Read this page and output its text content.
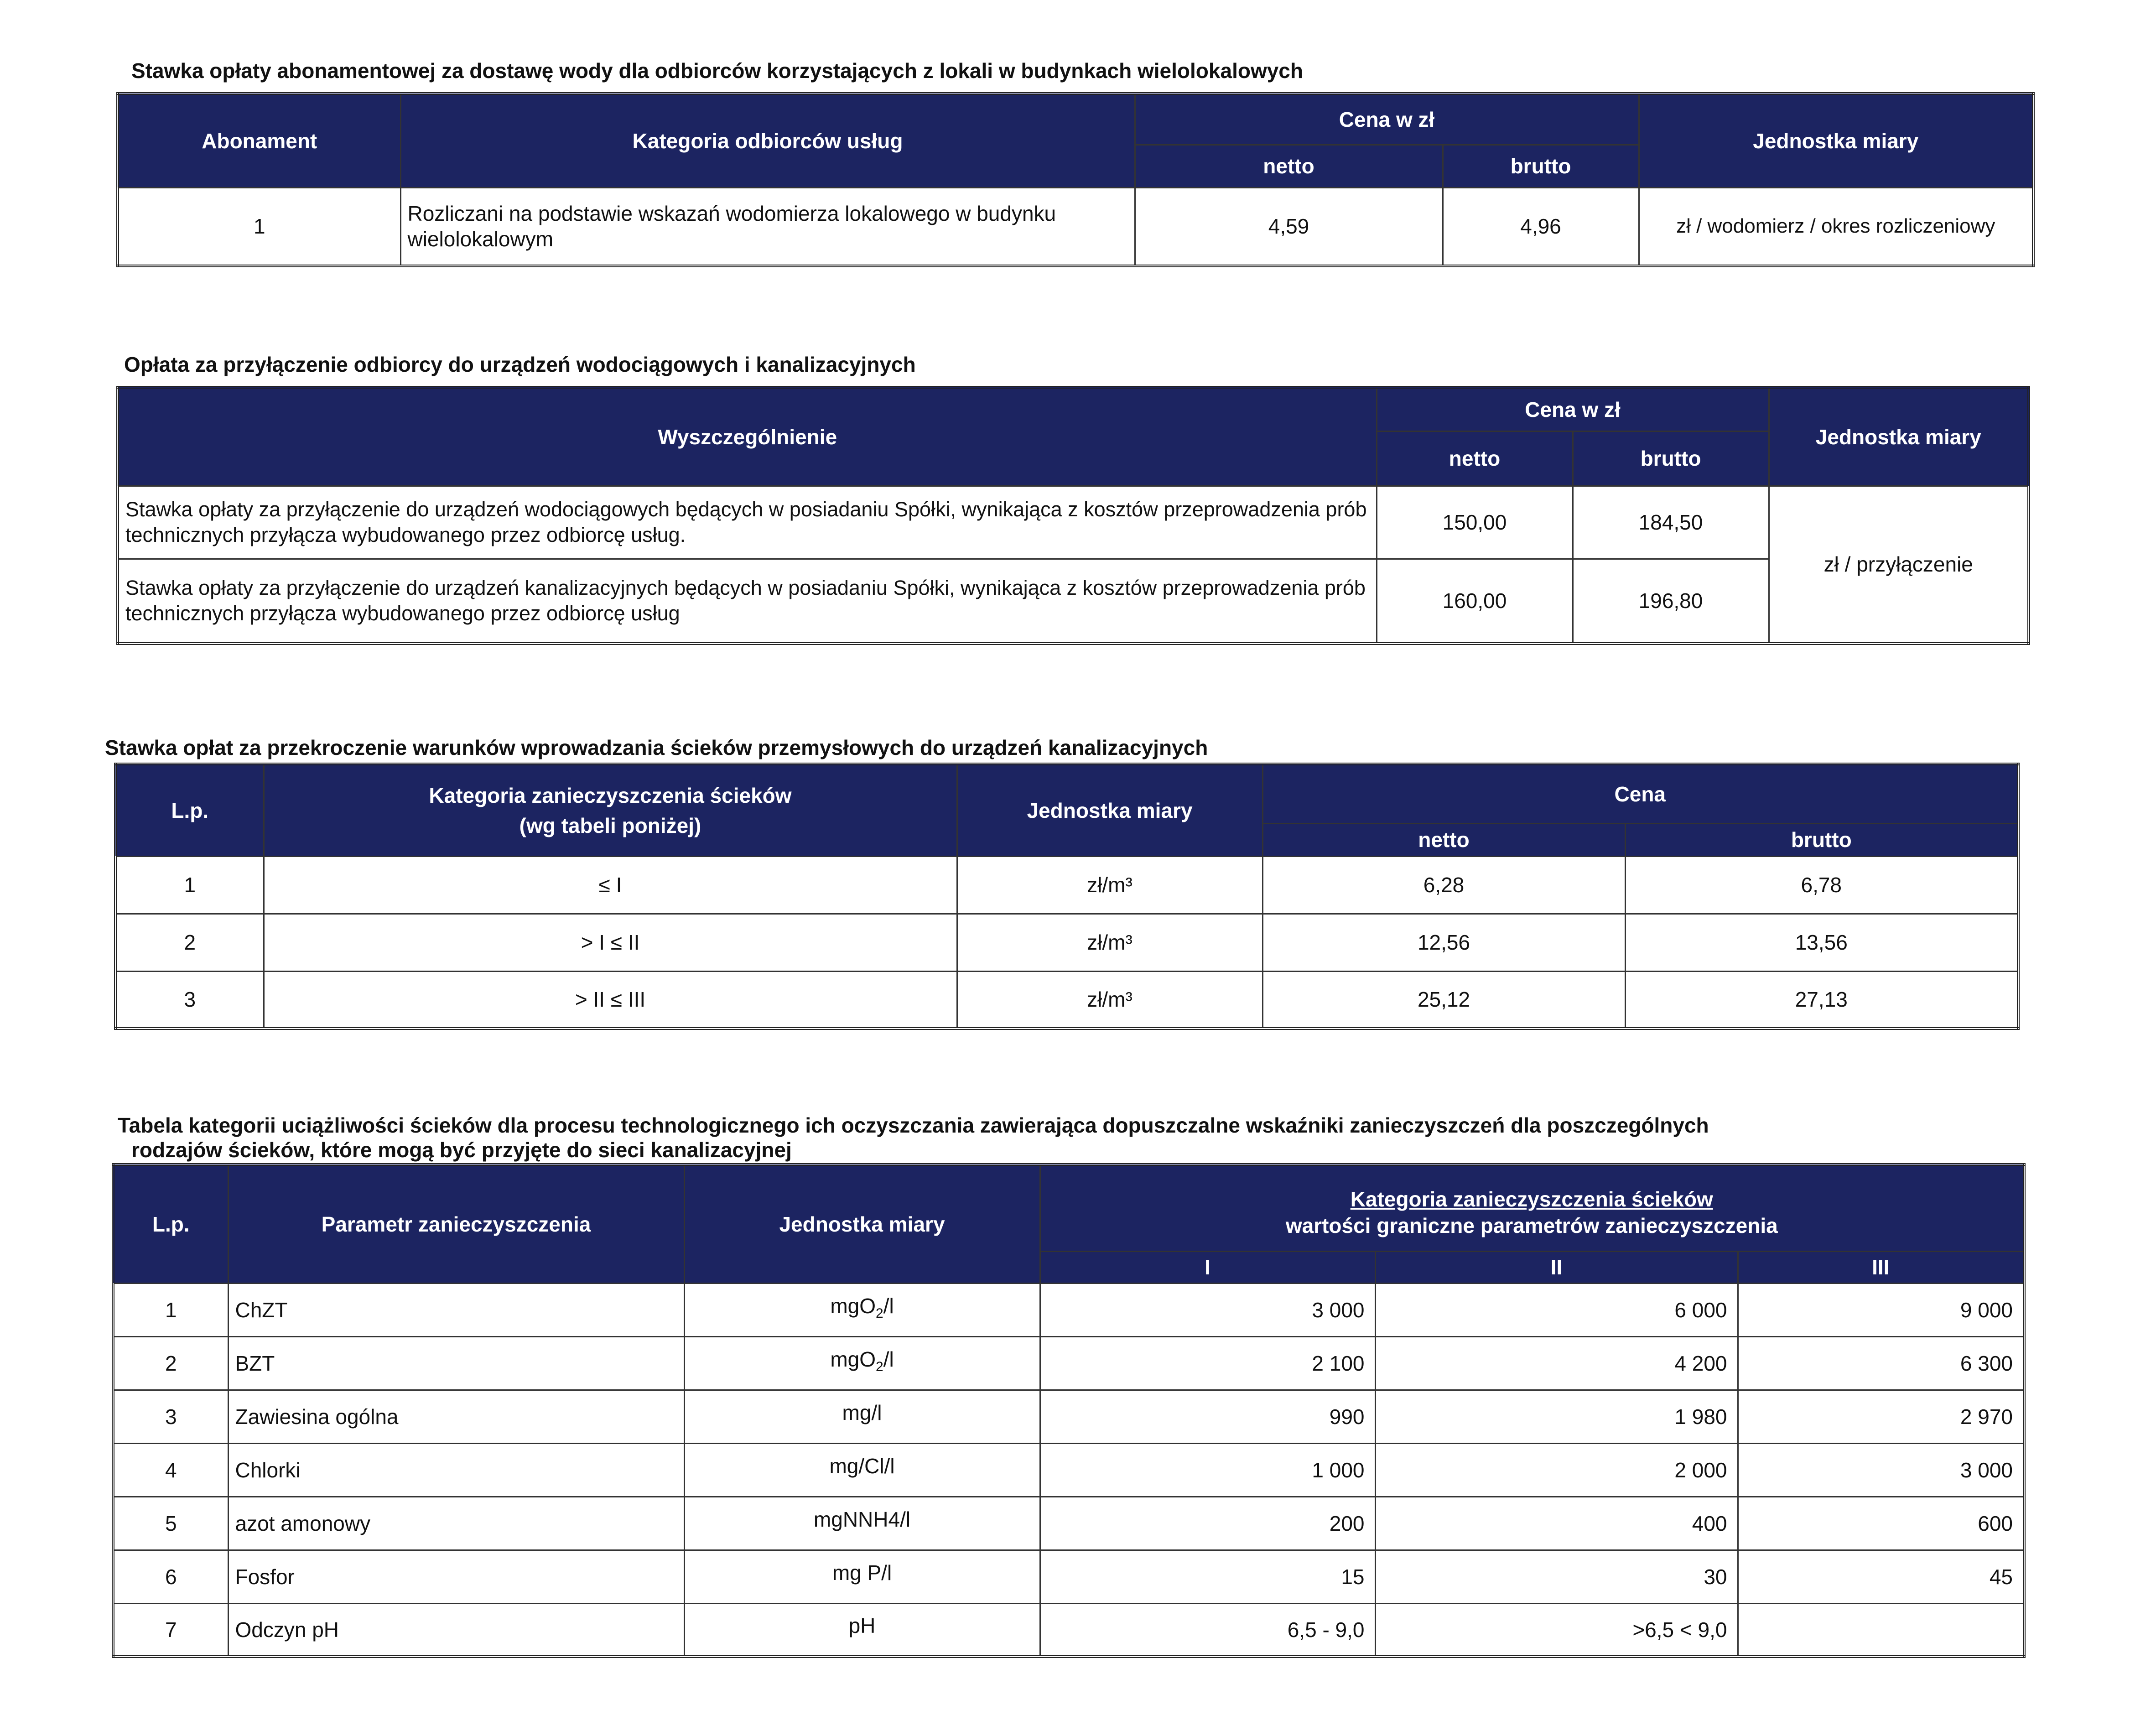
Stawka opłaty abonamentowej za dostawę wody dla odbiorców korzystających z lokali w budynkach wielolokalowych
Abonament	Kategoria odbiorców usług	Cena w zł		Jednostka miary
		netto	brutto	
1	Rozliczani na podstawie wskazań wodomierza lokalowego w budynku wielolokalowym	4,59	4,96	zł / wodomierz / okres rozliczeniowy
Opłata za przyłączenie odbiorcy do urządzeń wodociągowych i kanalizacyjnych
Wyszczególnienie	Cena w zł		Jednostka miary
	netto	brutto	
Stawka opłaty za przyłączenie do urządzeń wodociągowych będących w posiadaniu Spółki, wynikająca z kosztów przeprowadzenia prób technicznych przyłącza wybudowanego przez odbiorcę usług.	150,00	184,50	zł / przyłączenie
Stawka opłaty za przyłączenie do urządzeń kanalizacyjnych będących w posiadaniu Spółki, wynikająca z kosztów przeprowadzenia prób technicznych przyłącza wybudowanego przez odbiorcę usług	160,00	196,80	
Stawka opłat za przekroczenie warunków wprowadzania ścieków przemysłowych do urządzeń kanalizacyjnych
L.p.	Kategoria zanieczyszczenia ścieków
(wg tabeli poniżej)	Jednostka miary	Cena	
			netto	brutto
1	≤ I	zł/m³	6,28	6,78
2	> I ≤ II	zł/m³	12,56	13,56
3	> II ≤ III	zł/m³	25,12	27,13
Tabela kategorii uciążliwości ścieków dla procesu technologicznego ich oczyszczania zawierająca dopuszczalne wskaźniki zanieczyszczeń dla poszczególnych
rodzajów ścieków, które mogą być przyjęte do sieci kanalizacyjnej
L.p.	Parametr zanieczyszczenia	Jednostka miary	Kategoria zanieczyszczenia ścieków
wartości graniczne parametrów zanieczyszczenia		

			I	II	III
1	ChZT	mgO$_2$/l	3 000	6 000	9 000
2	BZT	mgO$_2$/l	2 100	4 200	6 300
3	Zawiesina ogólna	mg/l	990	1 980	2 970
4	Chlorki	mg/Cl/l	1 000	2 000	3 000
5	azot amonowy	mgNNH4/l	200	400	600
6	Fosfor	mg P/l	15	30	45
7	Odczyn pH	pH	6,5 - 9,0	>6,5 < 9,0	
